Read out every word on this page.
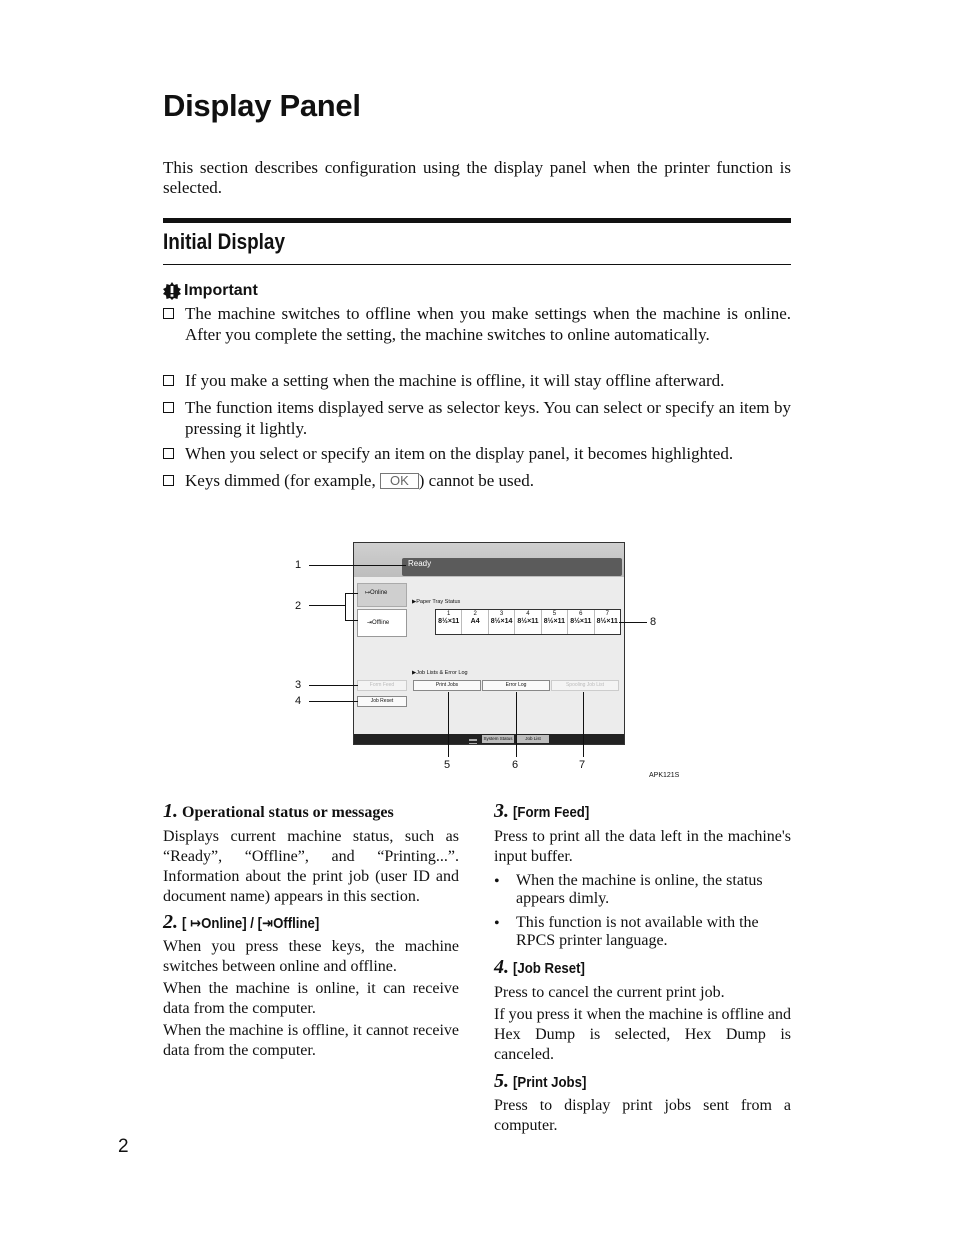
Display Panel
This section describes configuration using the display panel when the printer function is selected.
Initial Display
Important
The machine switches to offline when you make settings when the machine is online. After you complete the setting, the machine switches to online automatically.
If you make a setting when the machine is offline, it will stay offline afterward.
The function items displayed serve as selector keys. You can select or specify an item by pressing it lightly.
When you select or specify an item on the display panel, it becomes highlighted.
Keys dimmed (for example, OK ) cannot be used.
Ready
↦Online
⇥Offline
▶Paper Tray Status
1
8½×11
2
A4
3
8½×14
4
8½×11
5
8½×11
6
8½×11
7
8½×11
▶Job Lists & Error Log
Form Feed
Job Reset
Print Jobs	Error Log	Spooling Job List
System Status	Job List
1
2
3
4
5	6	7
8
APK121S
1. Operational status or messages
Displays current machine status, such as “Ready”, “Offline”, and “Printing...”. Information about the print job (user ID and document name) appears in this section.
2. [ ↦Online] / [⇥Offline]
When you press these keys, the machine switches between online and offline.
When the machine is online, it can receive data from the computer.
When the machine is offline, it cannot receive data from the computer.
3. [Form Feed]
Press to print all the data left in the machine's input buffer.
• When the machine is online, the status appears dimly.
• This function is not available with the RPCS printer language.
4. [Job Reset]
Press to cancel the current print job.
If you press it when the machine is offline and Hex Dump is selected, Hex Dump is canceled.
5. [Print Jobs]
Press to display print jobs sent from a computer.
2
